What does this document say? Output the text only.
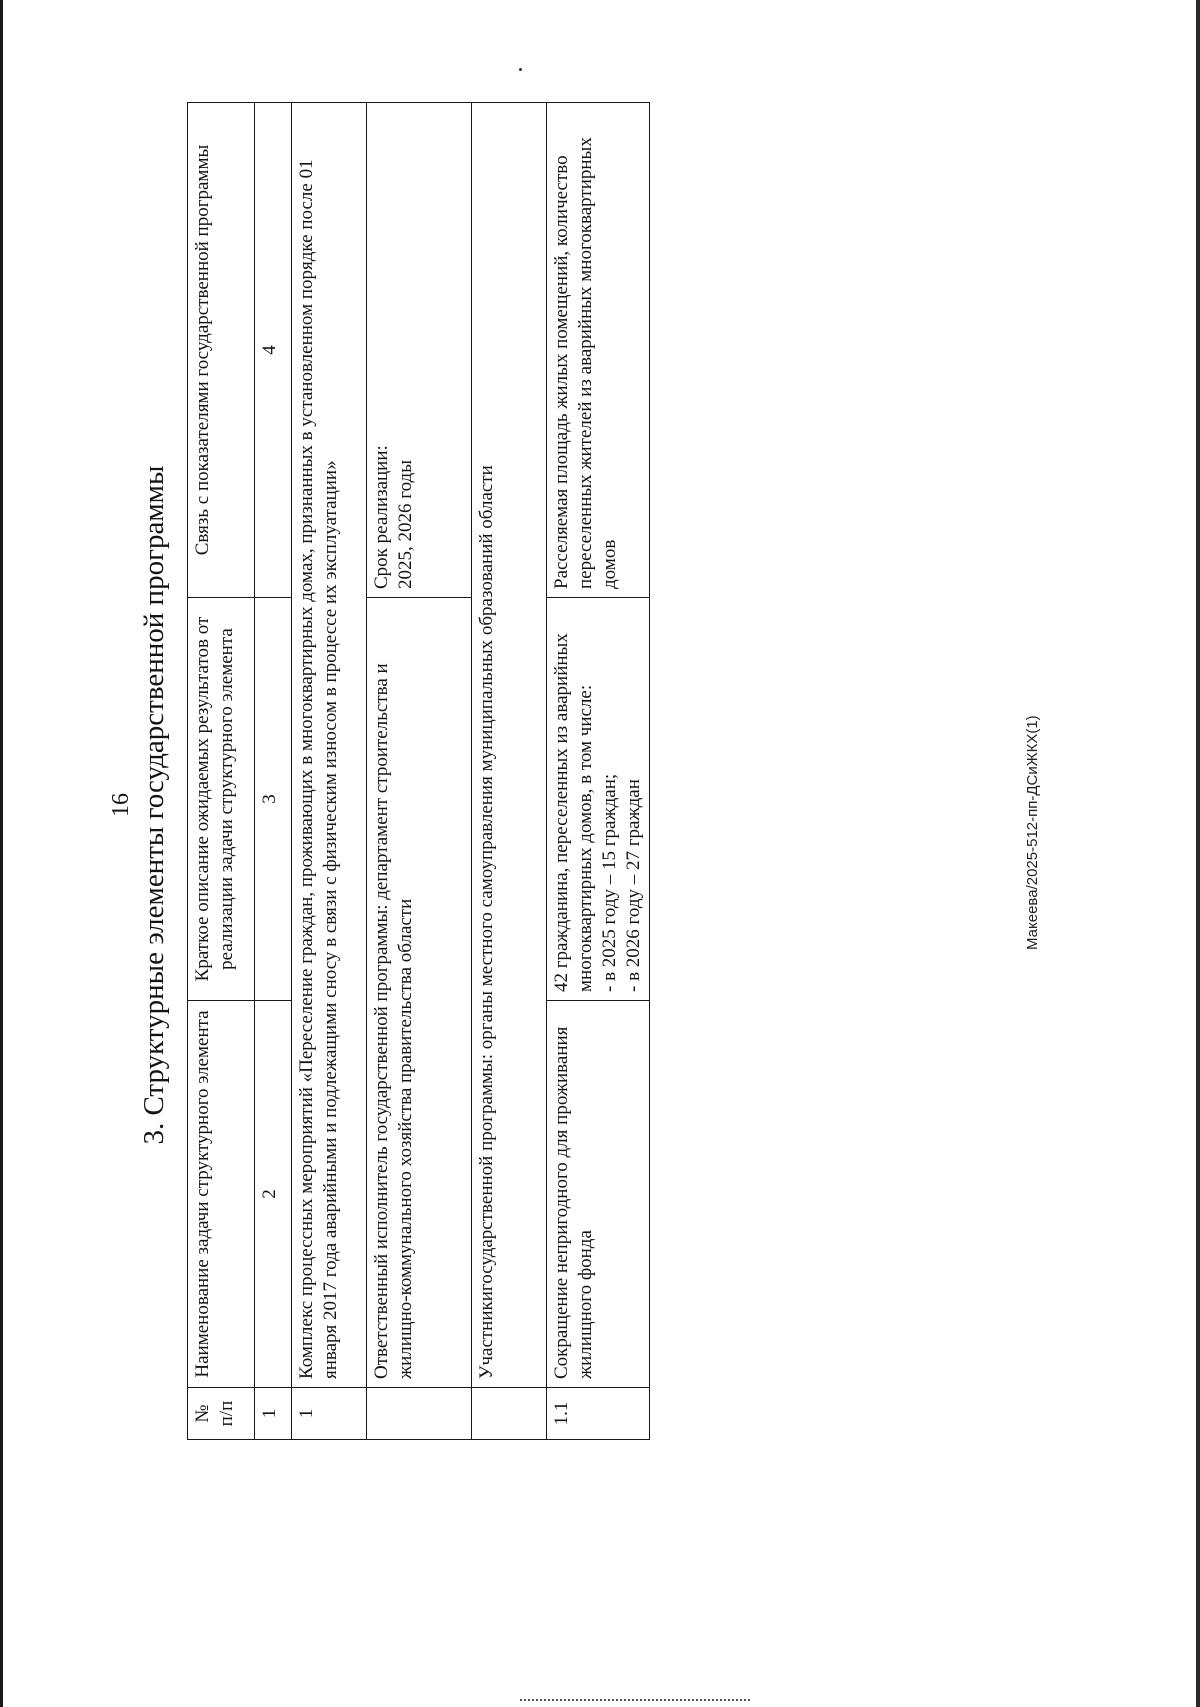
16 3. Структурные элементы государственной программы
№
п/п	Наименование задачи структурного элемента	Краткое описание ожидаемых результатов от реализации задачи структурного элемента	Связь с показателями государственной программы
1	2	3	4
1	Комплекс процессных мероприятий «Переселение граждан, проживающих в многоквартирных домах, признанных в установленном порядке после 01 января 2017 года аварийными и подлежащими сносу в связи с физическим износом в процессе их эксплуатации»		
	Ответственный исполнитель государственной программы: департамент строительства и жилищно-коммунального хозяйства правительства области		Срок реализации:
2025, 2026 годы
	Участникигосударственной программы: органы местного самоуправления муниципальных образований области		
1.1	Сокращение непригодного для проживания жилищного фонда	42 гражданина, переселенных из аварийных многоквартирных домов, в том числе:
- в 2025 году – 15 граждан;
- в 2026 году – 27 граждан	Расселяемая площадь жилых помещений, количество переселенных жителей из аварийных многоквартирных домов
Макеева/2025-512-пп-ДСиЖКХ(1)
